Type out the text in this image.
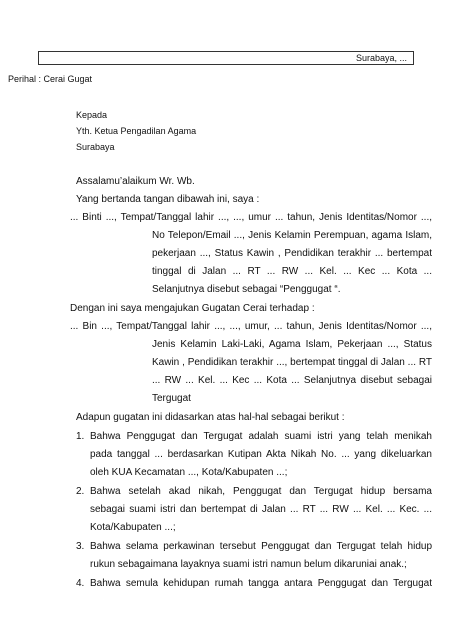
Surabaya, ...
Perihal : Cerai Gugat
Kepada
Yth. Ketua Pengadilan Agama
Surabaya
Assalamu’alaikum Wr. Wb.
Yang bertanda tangan dibawah ini, saya :
... Binti ..., Tempat/Tanggal lahir ..., ..., umur ... tahun, Jenis Identitas/Nomor ...,
No Telepon/Email ..., Jenis Kelamin Perempuan, agama Islam,
pekerjaan ..., Status Kawin , Pendidikan terakhir ... bertempat
tinggal di Jalan ... RT ... RW ... Kel. ... Kec ... Kota ...
Selanjutnya disebut sebagai “Penggugat “.
Dengan ini saya mengajukan Gugatan Cerai terhadap :
... Bin ..., Tempat/Tanggal lahir ..., ..., umur, ... tahun, Jenis Identitas/Nomor ...,
Jenis Kelamin Laki-Laki, Agama Islam, Pekerjaan ..., Status
Kawin , Pendidikan terakhir ..., bertempat tinggal di Jalan ... RT
... RW ... Kel. ... Kec ... Kota ... Selanjutnya disebut sebagai
Tergugat
Adapun gugatan ini didasarkan atas hal-hal sebagai berikut :
1. Bahwa Penggugat dan Tergugat adalah suami istri yang telah menikah
pada tanggal ... berdasarkan Kutipan Akta Nikah No. ... yang dikeluarkan
oleh KUA Kecamatan ..., Kota/Kabupaten ...;
2. Bahwa setelah akad nikah, Penggugat dan Tergugat hidup bersama
sebagai suami istri dan bertempat di Jalan ... RT ... RW ... Kel. ... Kec. ...
Kota/Kabupaten ...;
3. Bahwa selama perkawinan tersebut Penggugat dan Tergugat telah hidup
rukun sebagaimana layaknya suami istri namun belum dikaruniai anak.;
4. Bahwa semula kehidupan rumah tangga antara Penggugat dan Tergugat
